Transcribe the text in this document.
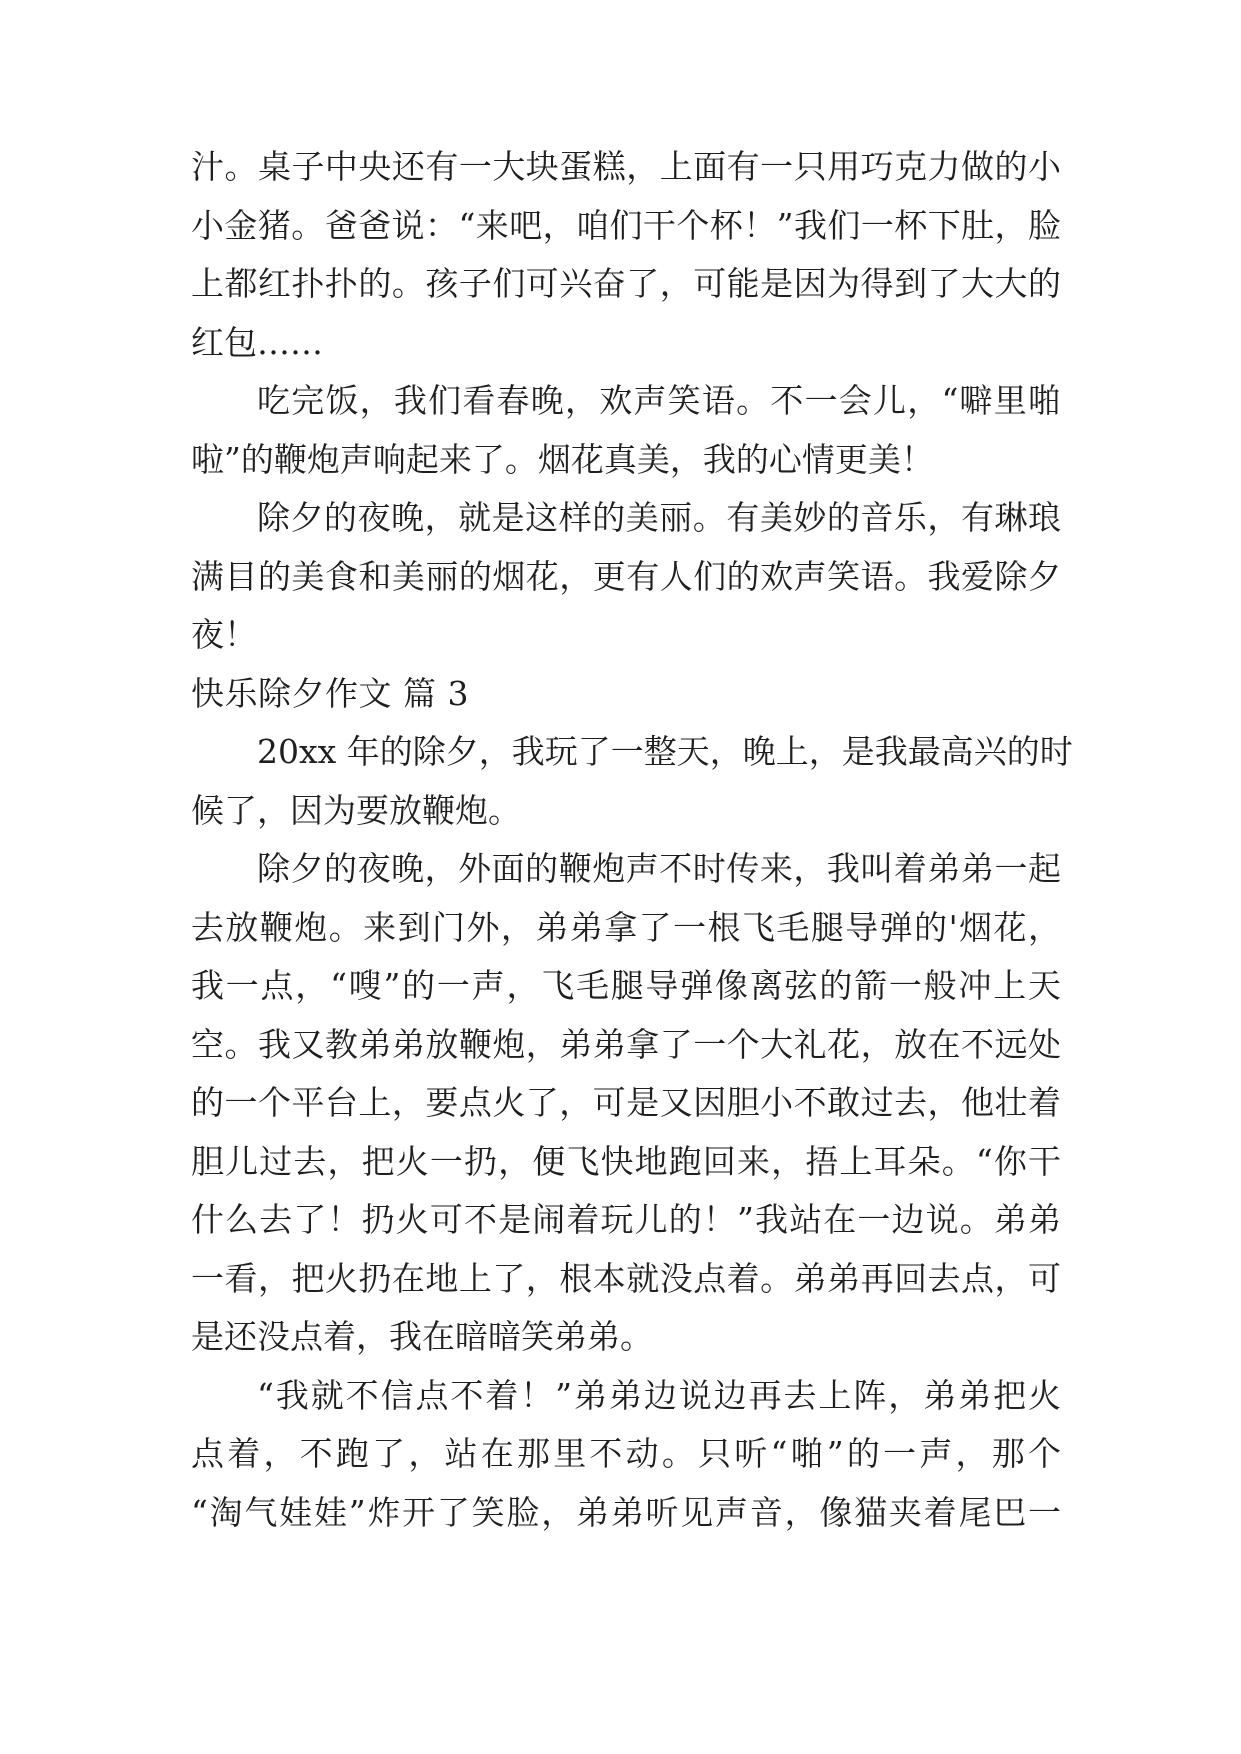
汁。桌子中央还有一大块蛋糕，上面有一只用巧克力做的小
小金猪。爸爸说：“来吧，咱们干个杯！”我们一杯下肚，脸
上都红扑扑的。孩子们可兴奋了，可能是因为得到了大大的
红包……
吃完饭，我们看春晚，欢声笑语。不一会儿，“噼里啪
啦”的鞭炮声响起来了。烟花真美，我的心情更美！
除夕的夜晚，就是这样的美丽。有美妙的音乐，有琳琅
满目的美食和美丽的烟花，更有人们的欢声笑语。我爱除夕
夜！
快乐除夕作文 篇 3
20xx 年的除夕，我玩了一整天，晚上，是我最高兴的时
候了，因为要放鞭炮。
除夕的夜晚，外面的鞭炮声不时传来，我叫着弟弟一起
去放鞭炮。来到门外，弟弟拿了一根飞毛腿导弹的'烟花，
我一点，“嗖”的一声，飞毛腿导弹像离弦的箭一般冲上天
空。我又教弟弟放鞭炮，弟弟拿了一个大礼花，放在不远处
的一个平台上，要点火了，可是又因胆小不敢过去，他壮着
胆儿过去，把火一扔，便飞快地跑回来，捂上耳朵。“你干
什么去了！扔火可不是闹着玩儿的！”我站在一边说。弟弟
一看，把火扔在地上了，根本就没点着。弟弟再回去点，可
是还没点着，我在暗暗笑弟弟。
“我就不信点不着！”弟弟边说边再去上阵，弟弟把火
点着，不跑了，站在那里不动。只听“啪”的一声，那个
“淘气娃娃”炸开了笑脸，弟弟听见声音，像猫夹着尾巴一
